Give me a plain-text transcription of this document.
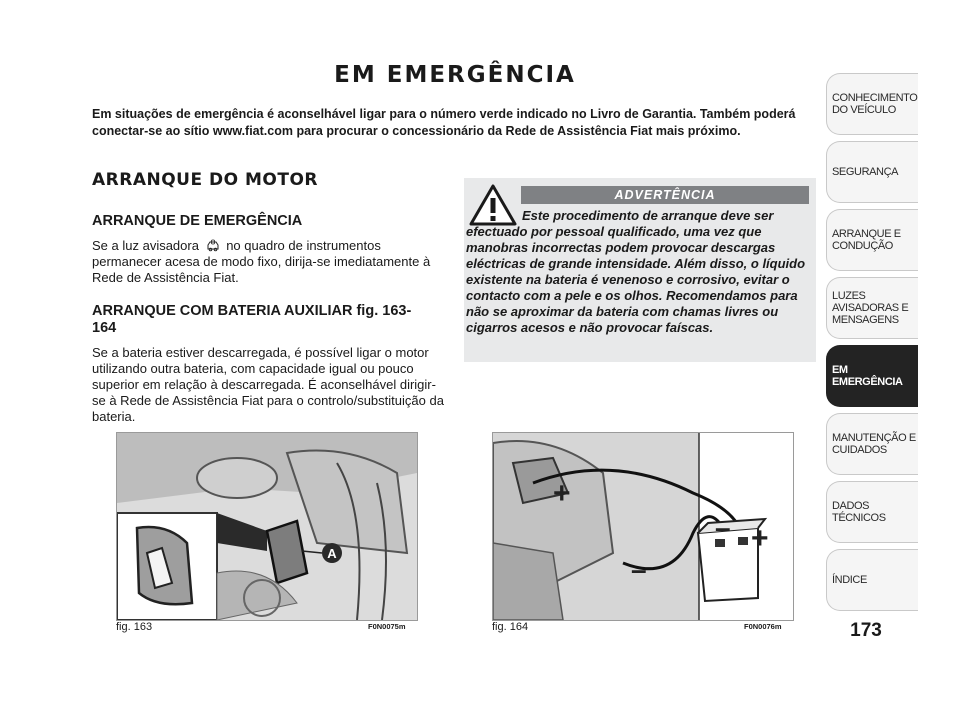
EM EMERGÊNCIA

Em situações de emergência é aconselhável ligar para o número verde indicado no Livro de Garantia. Também poderá conectar-se ao sítio www.fiat.com para procurar o concessionário da Rede de Assistência Fiat mais próximo.

ARRANQUE DO MOTOR
ARRANQUE DE EMERGÊNCIA

Se a luz avisadora no quadro de instrumentos permanecer acesa de modo fixo, dirija-se imediatamente à Rede de Assistência Fiat.

ARRANQUE COM BATERIA AUXILIAR fig. 163-164

Se a bateria estiver descarregada, é possível ligar o motor utilizando outra bateria, com capacidade igual ou pouco superior em relação à descarregada. É aconselhável dirigir-se à Rede de Assistência Fiat para o controlo/substituição da bateria.

ADVERTÊNCIA

Este procedimento de arranque deve ser efectuado por pessoal qualificado, uma vez que manobras incorrectas podem provocar descargas eléctricas de grande intensidade. Além disso, o líquido existente na bateria é venenoso e corrosivo, evitar o contacto com a pele e os olhos. Recomendamos para não se aproximar da bateria com chamas livres ou cigarros acesos e não provocar faíscas.

A
fig. 163	F0N0075m
+
+
–
–
fig. 164	F0N0076m

CONHECIMENTO DO VEÍCULO

SEGURANÇA

ARRANQUE E CONDUÇÃO

LUZES AVISADORAS E MENSAGENS

EM EMERGÊNCIA

MANUTENÇÃO E CUIDADOS

DADOS TÉCNICOS

ÍNDICE

173
